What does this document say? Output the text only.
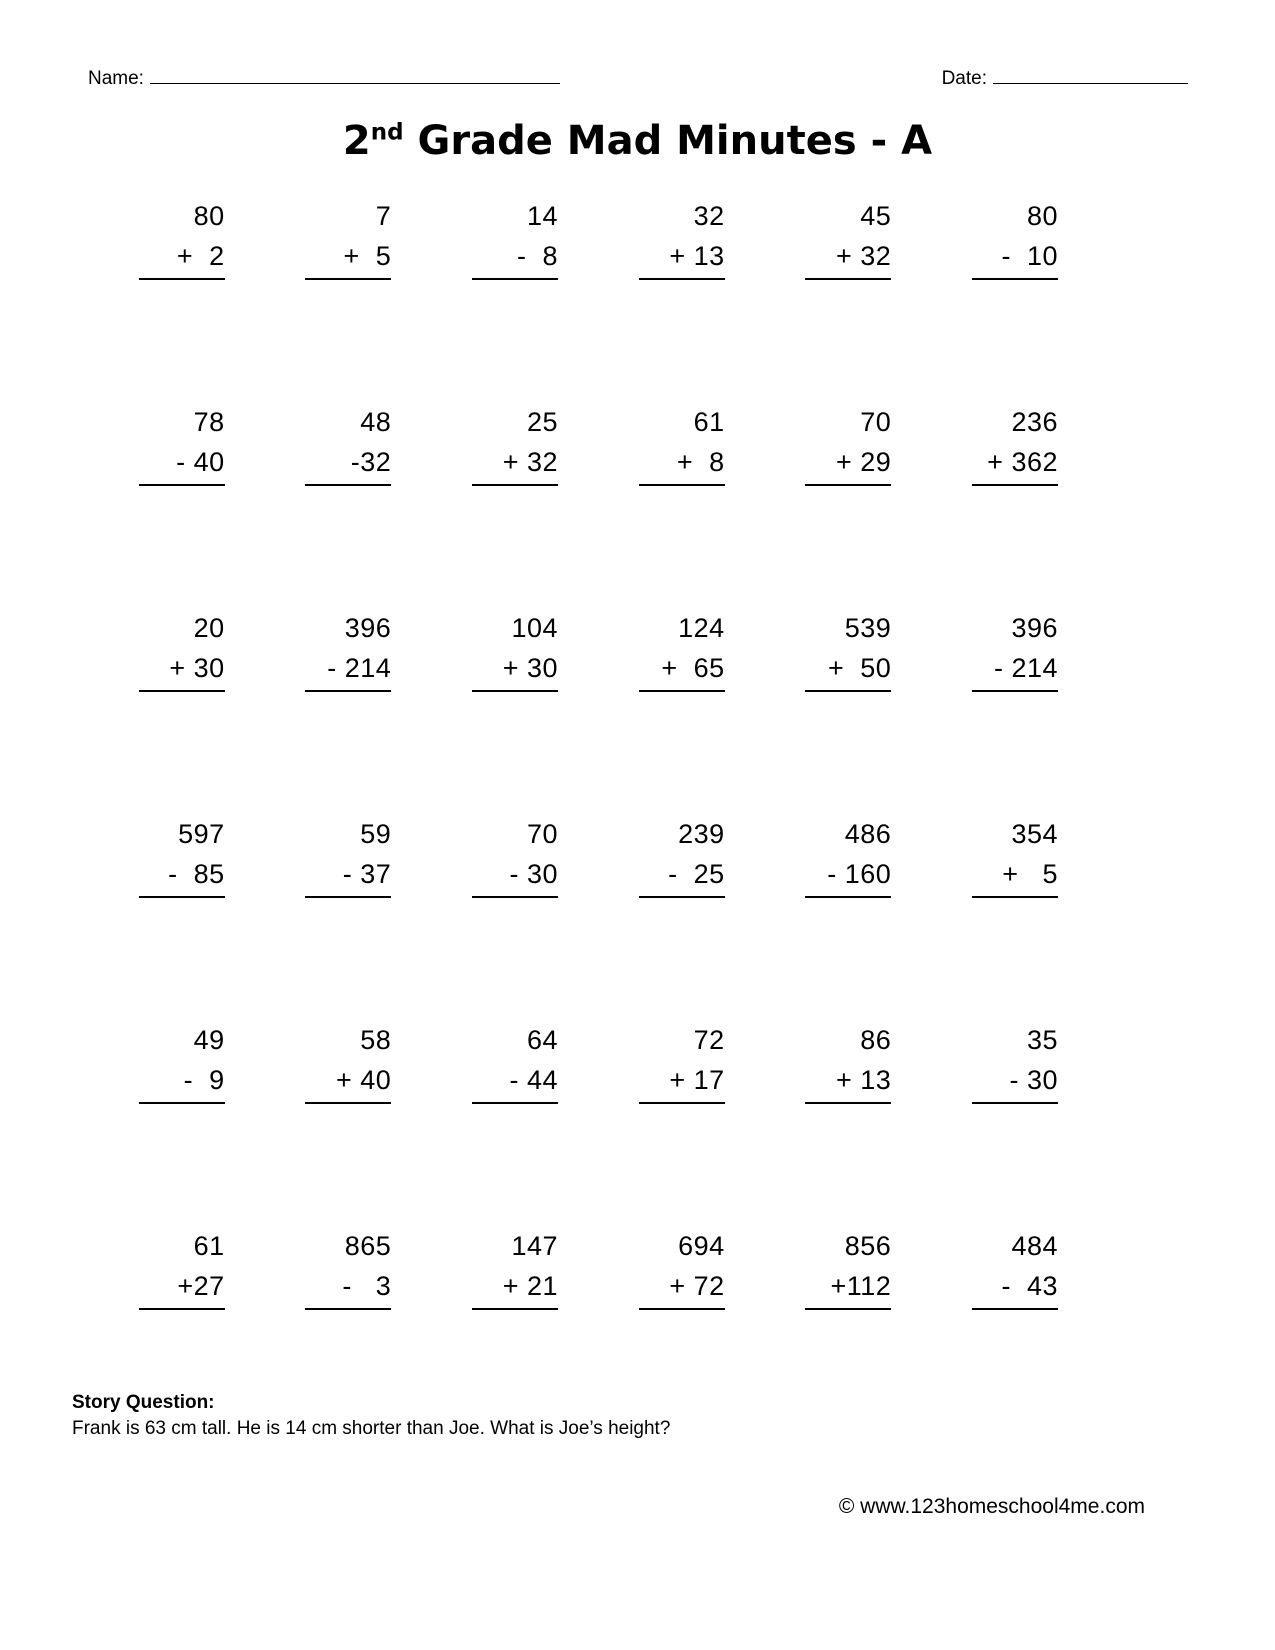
Name:	Date:
2nd Grade Mad Minutes - A
80
+  2
7
+  5
14
-  8
32
+ 13
45
+ 32
80
-  10
78
- 40
48
-32
25
+ 32
61
+  8
70
+ 29
236
+ 362
20
+ 30
396
- 214
104
+ 30
124
+  65
539
+  50
396
- 214
597
-  85
59
- 37
70
- 30
239
-  25
486
- 160
354
+   5
49
-  9
58
+ 40
64
- 44
72
+ 17
86
+ 13
35
- 30
61
+27
865
-   3
147
+ 21
694
+ 72
856
+112
484
-  43
Story Question:
Frank is 63 cm tall. He is 14 cm shorter than Joe. What is Joe’s height?
© www.123homeschool4me.com
